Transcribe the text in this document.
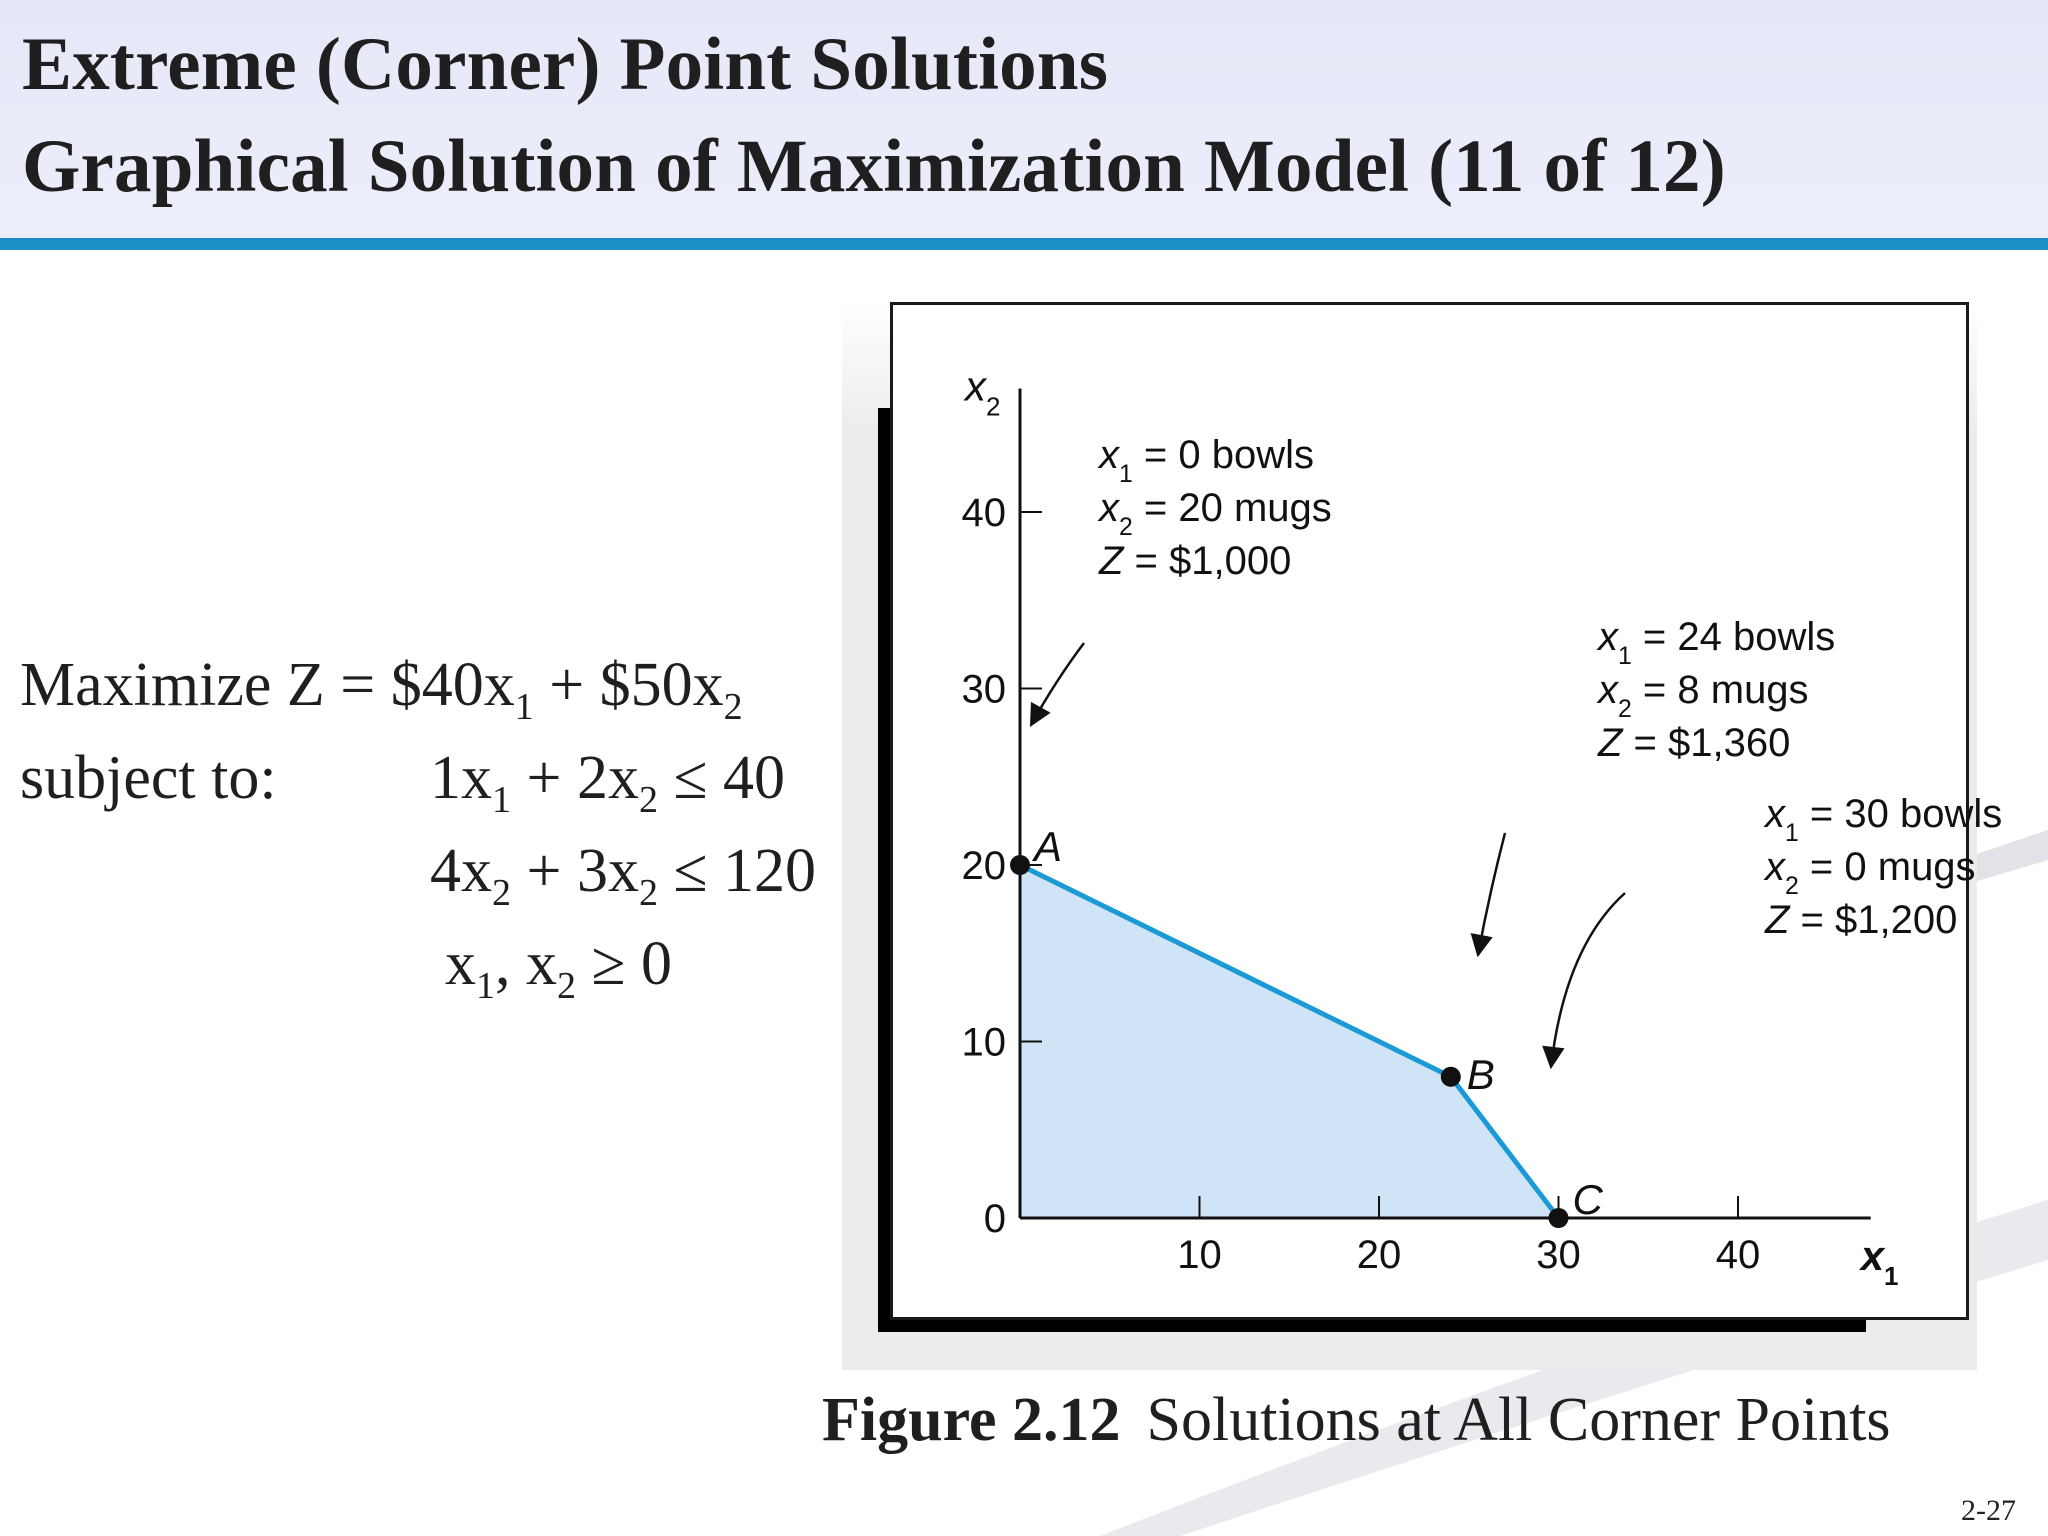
Extreme (Corner) Point Solutions
Graphical Solution of Maximization Model (11 of 12)
Maximize $Z = \$40x_1$ + $\$50x_2$
subject to: $1x_1 + 2x_2 \le 40$
$4x_2 + 3x_2 \le 120$
$x_1$, $x_2 \ge 0$
10	20	30	40
0
10
20
30
40
$x_1$
$x_2$
A
$x_1 = 0$ bowls
$x_2 = 20$ mugs
Z = $1,000
B
$x_1 = 24$ bowls
$x_2 = 8$ mugs
Z = $1,360
C
$x_1 = 30$ bowls
$x_2 = 0$ mugs
Z = $1,200
Figure 2.12 Solutions at All Corner Points
2-27
